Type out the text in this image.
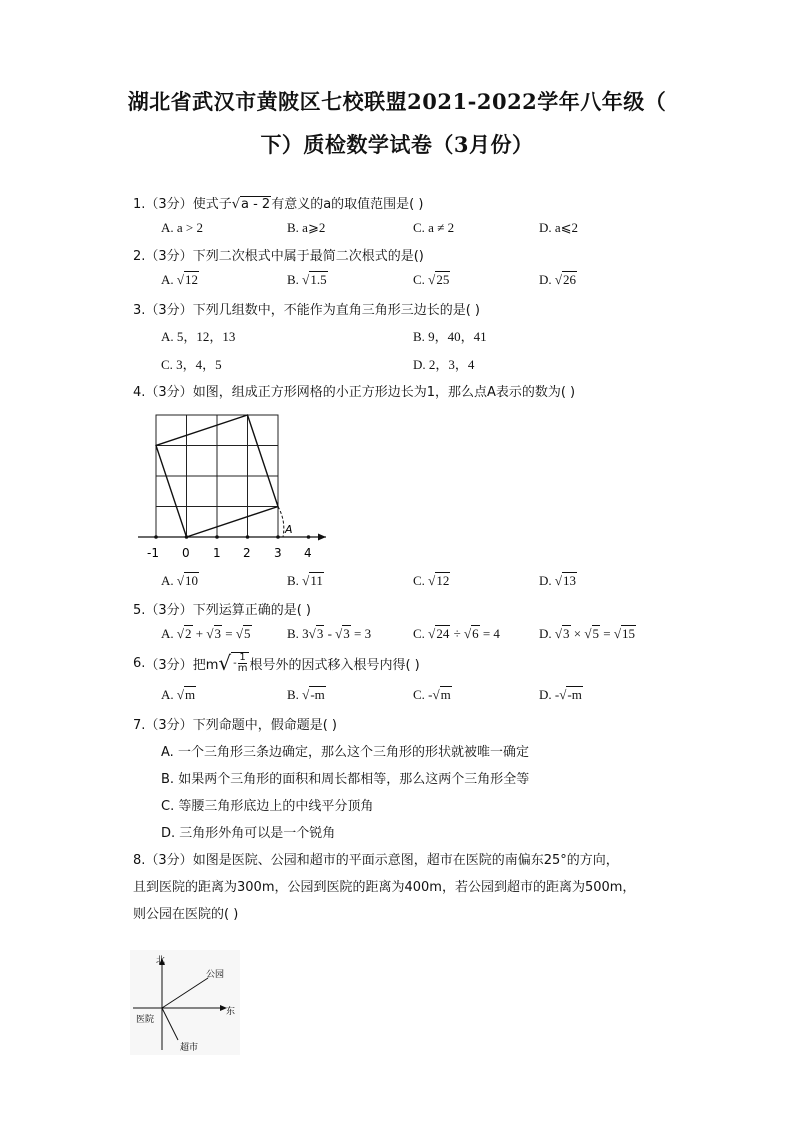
湖北省武汉市黄陂区七校联盟2021-2022学年八年级（
下）质检数学试卷（3月份）
1.（3分）使式子√a - 2有意义的a的取值范围是( )
A. a > 2	B. a⩾2	C. a ≠ 2	D. a⩽2
2.（3分）下列二次根式中属于最简二次根式的是()
A. √12	B. √1.5	C. √25	D. √26
3.（3分）下列几组数中，不能作为直角三角形三边长的是( )
A. 5，12，13	B. 9，40，41
C. 3，4，5	D. 2，3，4
4.（3分）如图，组成正方形网格的小正方形边长为1，那么点A表示的数为( )
-1 0 1 2 3 4
A
A. √10	B. √11	C. √12	D. √13
5.（3分）下列运算正确的是( )
A. √2 + √3 = √5	B. 3√3 - √3 = 3	C. √24 ÷ √6 = 4	D. √3 × √5 = √15
6. （3分） 把m √ - $\frac{1}{m}$ 根号外的因式移入根号内得( )
A. √m	B. √-m	C. -√m	D. -√-m
7.（3分）下列命题中，假命题是( )
A. 一个三角形三条边确定，那么这个三角形的形状就被唯一确定
B. 如果两个三角形的面积和周长都相等，那么这两个三角形全等
C. 等腰三角形底边上的中线平分顶角
D. 三角形外角可以是一个锐角
8.（3分）如图是医院、公园和超市的平面示意图，超市在医院的南偏东25°的方向，
且到医院的距离为300m，公园到医院的距离为400m，若公园到超市的距离为500m，
则公园在医院的( )
北
东
公园
医院
超市
